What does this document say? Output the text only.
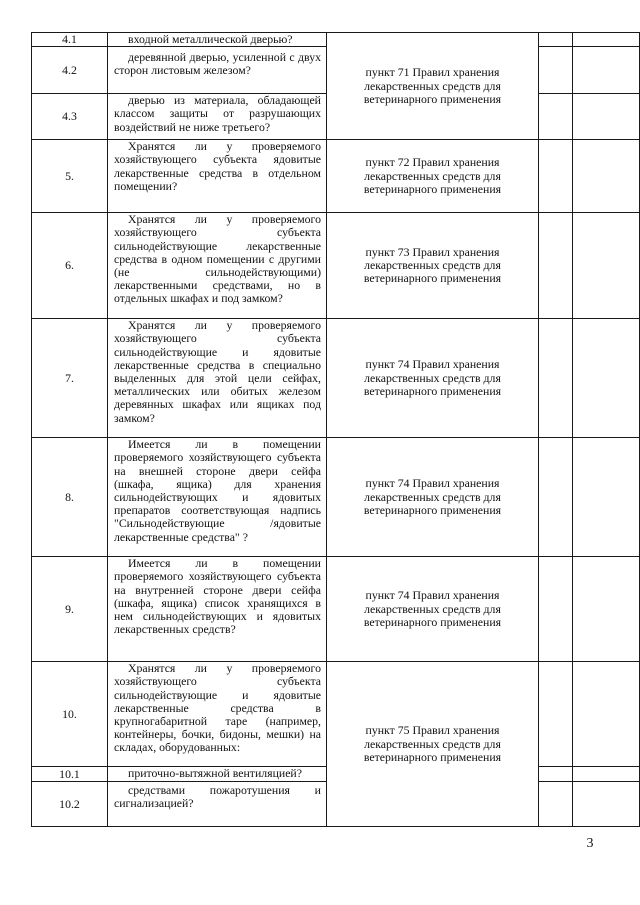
4.1	входной металлической дверью?	пункт 71 Правил хранения лекарственных средств для ветеринарного применения		

4.2	деревянной дверью, усиленной с двух сторон листовым железом?			

4.3	дверью из материала, обладающей классом защиты от разрушающих воздействий не ниже третьего?			

5.	Хранятся ли у проверяемого хозяйствующего субъекта ядовитые лекарственные средства в отдельном помещении?	пункт 72 Правил хранения лекарственных средств для ветеринарного применения		

6.	Хранятся ли у проверяемого хозяйствующего субъекта сильнодействующие лекарственные средства в одном помещении с другими (не сильнодействующими) лекарственными средствами, но в отдельных шкафах и под замком?	пункт 73 Правил хранения лекарственных средств для ветеринарного применения		

7.	Хранятся ли у проверяемого хозяйствующего субъекта сильнодействующие и ядовитые лекарственные средства в специально выделенных для этой цели сейфах, металлических или обитых железом деревянных шкафах или ящиках под замком?	пункт 74 Правил хранения лекарственных средств для ветеринарного применения		

8.	Имеется ли в помещении проверяемого хозяйствующего субъекта на внешней стороне двери сейфа (шкафа, ящика) для хранения сильнодействующих и ядовитых препаратов соответствующая надпись "Сильнодействующие /ядовитые лекарственные средства" ?	пункт 74 Правил хранения лекарственных средств для ветеринарного применения		

9.	Имеется ли в помещении проверяемого хозяйствующего субъекта на внутренней стороне двери сейфа (шкафа, ящика) список хранящихся в нем сильнодействующих и ядовитых лекарственных средств?	пункт 74 Правил хранения лекарственных средств для ветеринарного применения		

10.	Хранятся ли у проверяемого хозяйствующего субъекта сильнодействующие и ядовитые лекарственные средства в крупногабаритной таре (например, контейнеры, бочки, бидоны, мешки) на складах, оборудованных:	пункт 75 Правил хранения лекарственных средств для ветеринарного применения		

10.1	приточно-вытяжной вентиляцией?			

10.2	средствами пожаротушения и сигнализацией?			

3
